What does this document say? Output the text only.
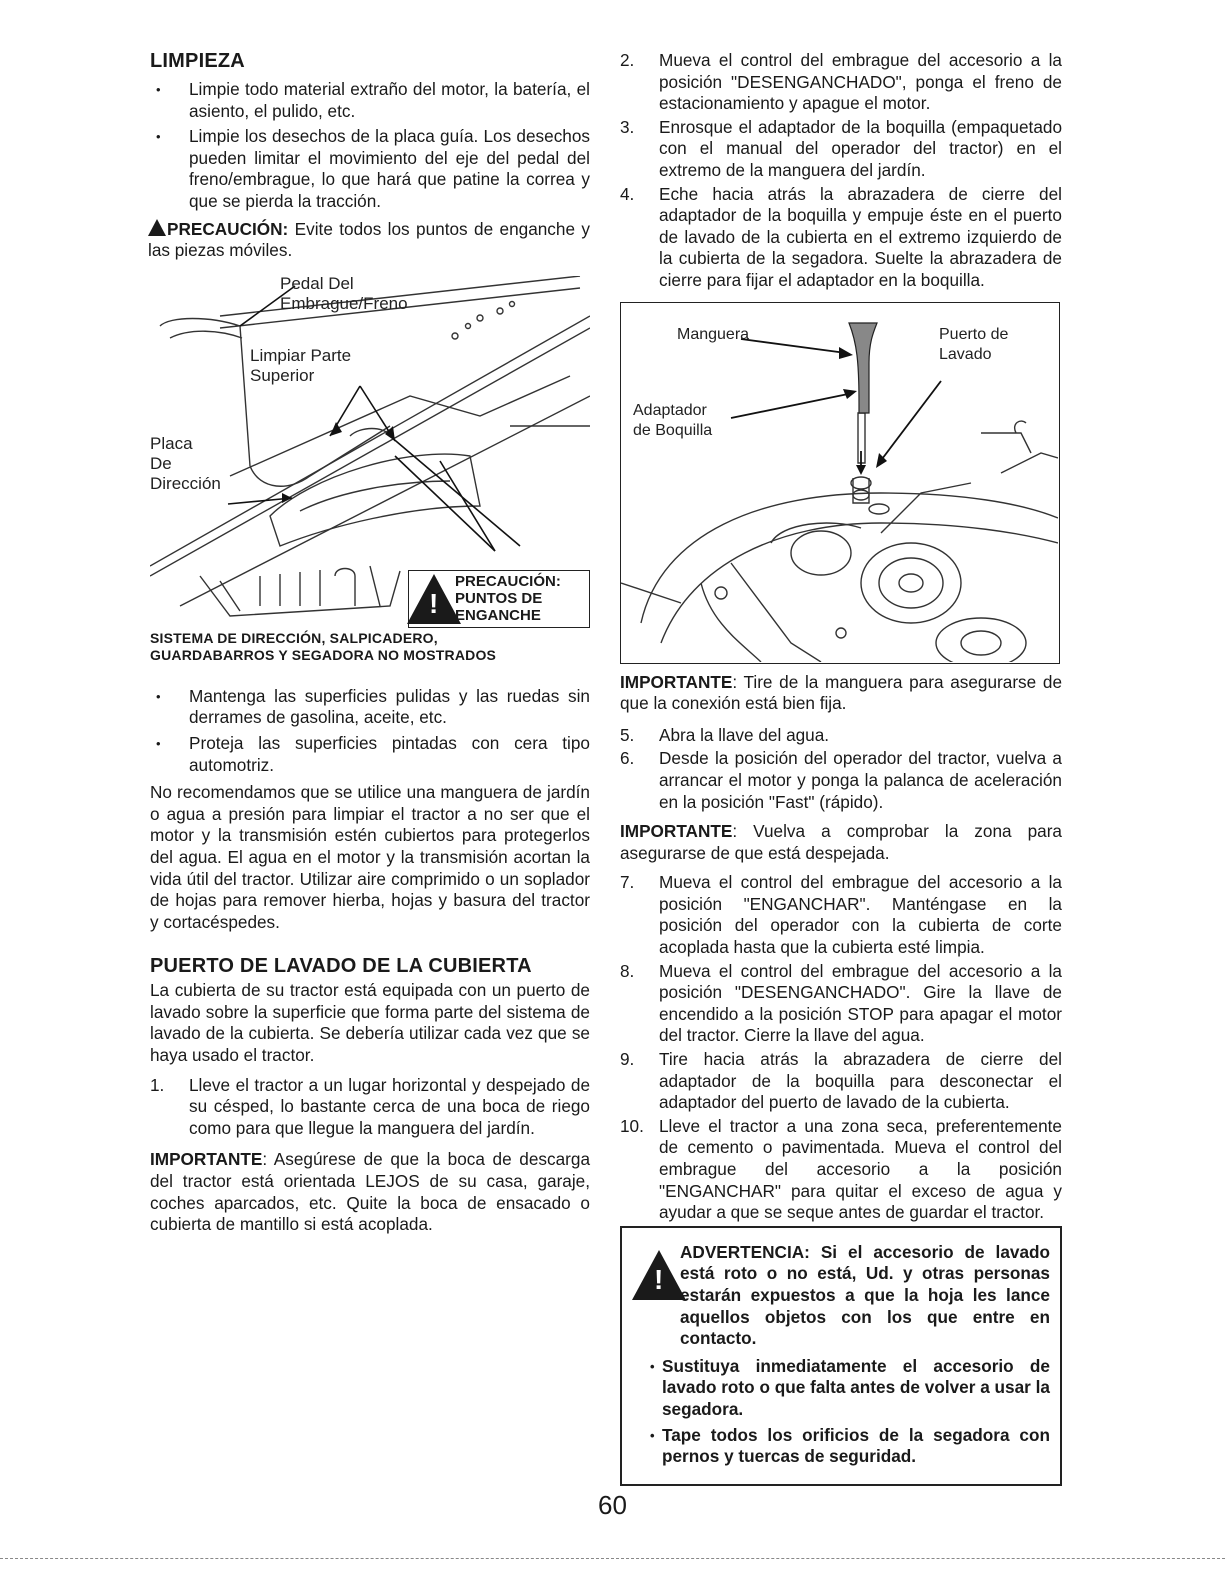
LIMPIEZA
• Limpie todo material extraño del motor, la batería, el asiento, el pulido, etc.
• Limpie los desechos de la placa guía. Los desechos pueden limitar el movimiento del eje del pedal del freno/embrague, lo que hará que patine la correa y que se pierda la tracción.

PRECAUCIÓN: Evite todos los puntos de enganche y las piezas móviles.

Pedal Del
Embrague/Freno
Limpiar Parte
Superior
Placa
De
Dirección
!
PRECAUCIÓN:
PUNTOS DE
ENGANCHE
SISTEMA DE DIRECCIÓN, SALPICADERO,
GUARDABARROS Y SEGADORA NO MOSTRADOS
• Mantenga las superficies pulidas y las ruedas sin derrames de gasolina, aceite, etc.
• Proteja las superficies pintadas con cera tipo automotriz.

No recomendamos que se utilice una manguera de jardín o agua a presión para limpiar el tractor a no ser que el motor y la transmisión estén cubiertos para protegerlos del agua. El agua en el motor y la transmisión acortan la vida útil del tractor. Utilizar aire comprimido o un soplador de hojas para remover hierba, hojas y basura del tractor y cortacéspedes.

PUERTO DE LAVADO DE LA CUBIERTA

La cubierta de su tractor está equipada con un puerto de lavado sobre la superficie que forma parte del sistema de lavado de la cubierta. Se debería utilizar cada vez que se haya usado el tractor.

1. Lleve el tractor a un lugar horizontal y despejado de su césped, lo bastante cerca de una boca de riego como para que llegue la manguera del jardín.

IMPORTANTE: Asegúrese de que la boca de descarga del tractor está orientada LEJOS de su casa, garaje, coches aparcados, etc. Quite la boca de ensacado o cubierta de mantillo si está acoplada.

2. Mueva el control del embrague del accesorio a la posición "DESENGANCHADO", ponga el freno de estacionamiento y apague el motor.
3. Enrosque el adaptador de la boquilla (empaquetado con el manual del operador del tractor) en el extremo de la manguera del jardín.
4. Eche hacia atrás la abrazadera de cierre del adaptador de la boquilla y empuje éste en el puerto de lavado de la cubierta en el extremo izquierdo de la cubierta de la segadora. Suelte la abrazadera de cierre para fijar el adaptador en la boquilla.
Manguera
Adaptador
de Boquilla
Puerto de
Lavado

IMPORTANTE: Tire de la manguera para asegurarse de que la conexión está bien fija.

5. Abra la llave del agua.
6. Desde la posición del operador del tractor, vuelva a arrancar el motor y ponga la palanca de aceleración en la posición "Fast" (rápido).

IMPORTANTE: Vuelva a comprobar la zona para asegurarse de que está despejada.

7. Mueva el control del embrague del accesorio a la posición "ENGANCHAR". Manténgase en la posición del operador con la cubierta de corte acoplada hasta que la cubierta esté limpia.
8. Mueva el control del embrague del accesorio a la posición "DESENGANCHADO". Gire la llave de encendido a la posición STOP para apagar el motor del tractor. Cierre la llave del agua.
9. Tire hacia atrás la abrazadera de cierre del adaptador de la boquilla para desconectar el adaptador del puerto de lavado de la cubierta.
10. Lleve el tractor a una zona seca, preferentemente de cemento o pavimentada. Mueva el control del embrague del accesorio a la posición "ENGANCHAR" para quitar el exceso de agua y ayudar a que se seque antes de guardar el tractor.
!

ADVERTENCIA: Si el accesorio de lavado está roto o no está, Ud. y otras personas estarán expuestos a que la hoja les lance aquellos objetos con los que entre en contacto.

• Sustituya inmediatamente el accesorio de lavado roto o que falta antes de volver a usar la segadora.
• Tape todos los orificios de la segadora con pernos y tuercas de seguridad.
60
